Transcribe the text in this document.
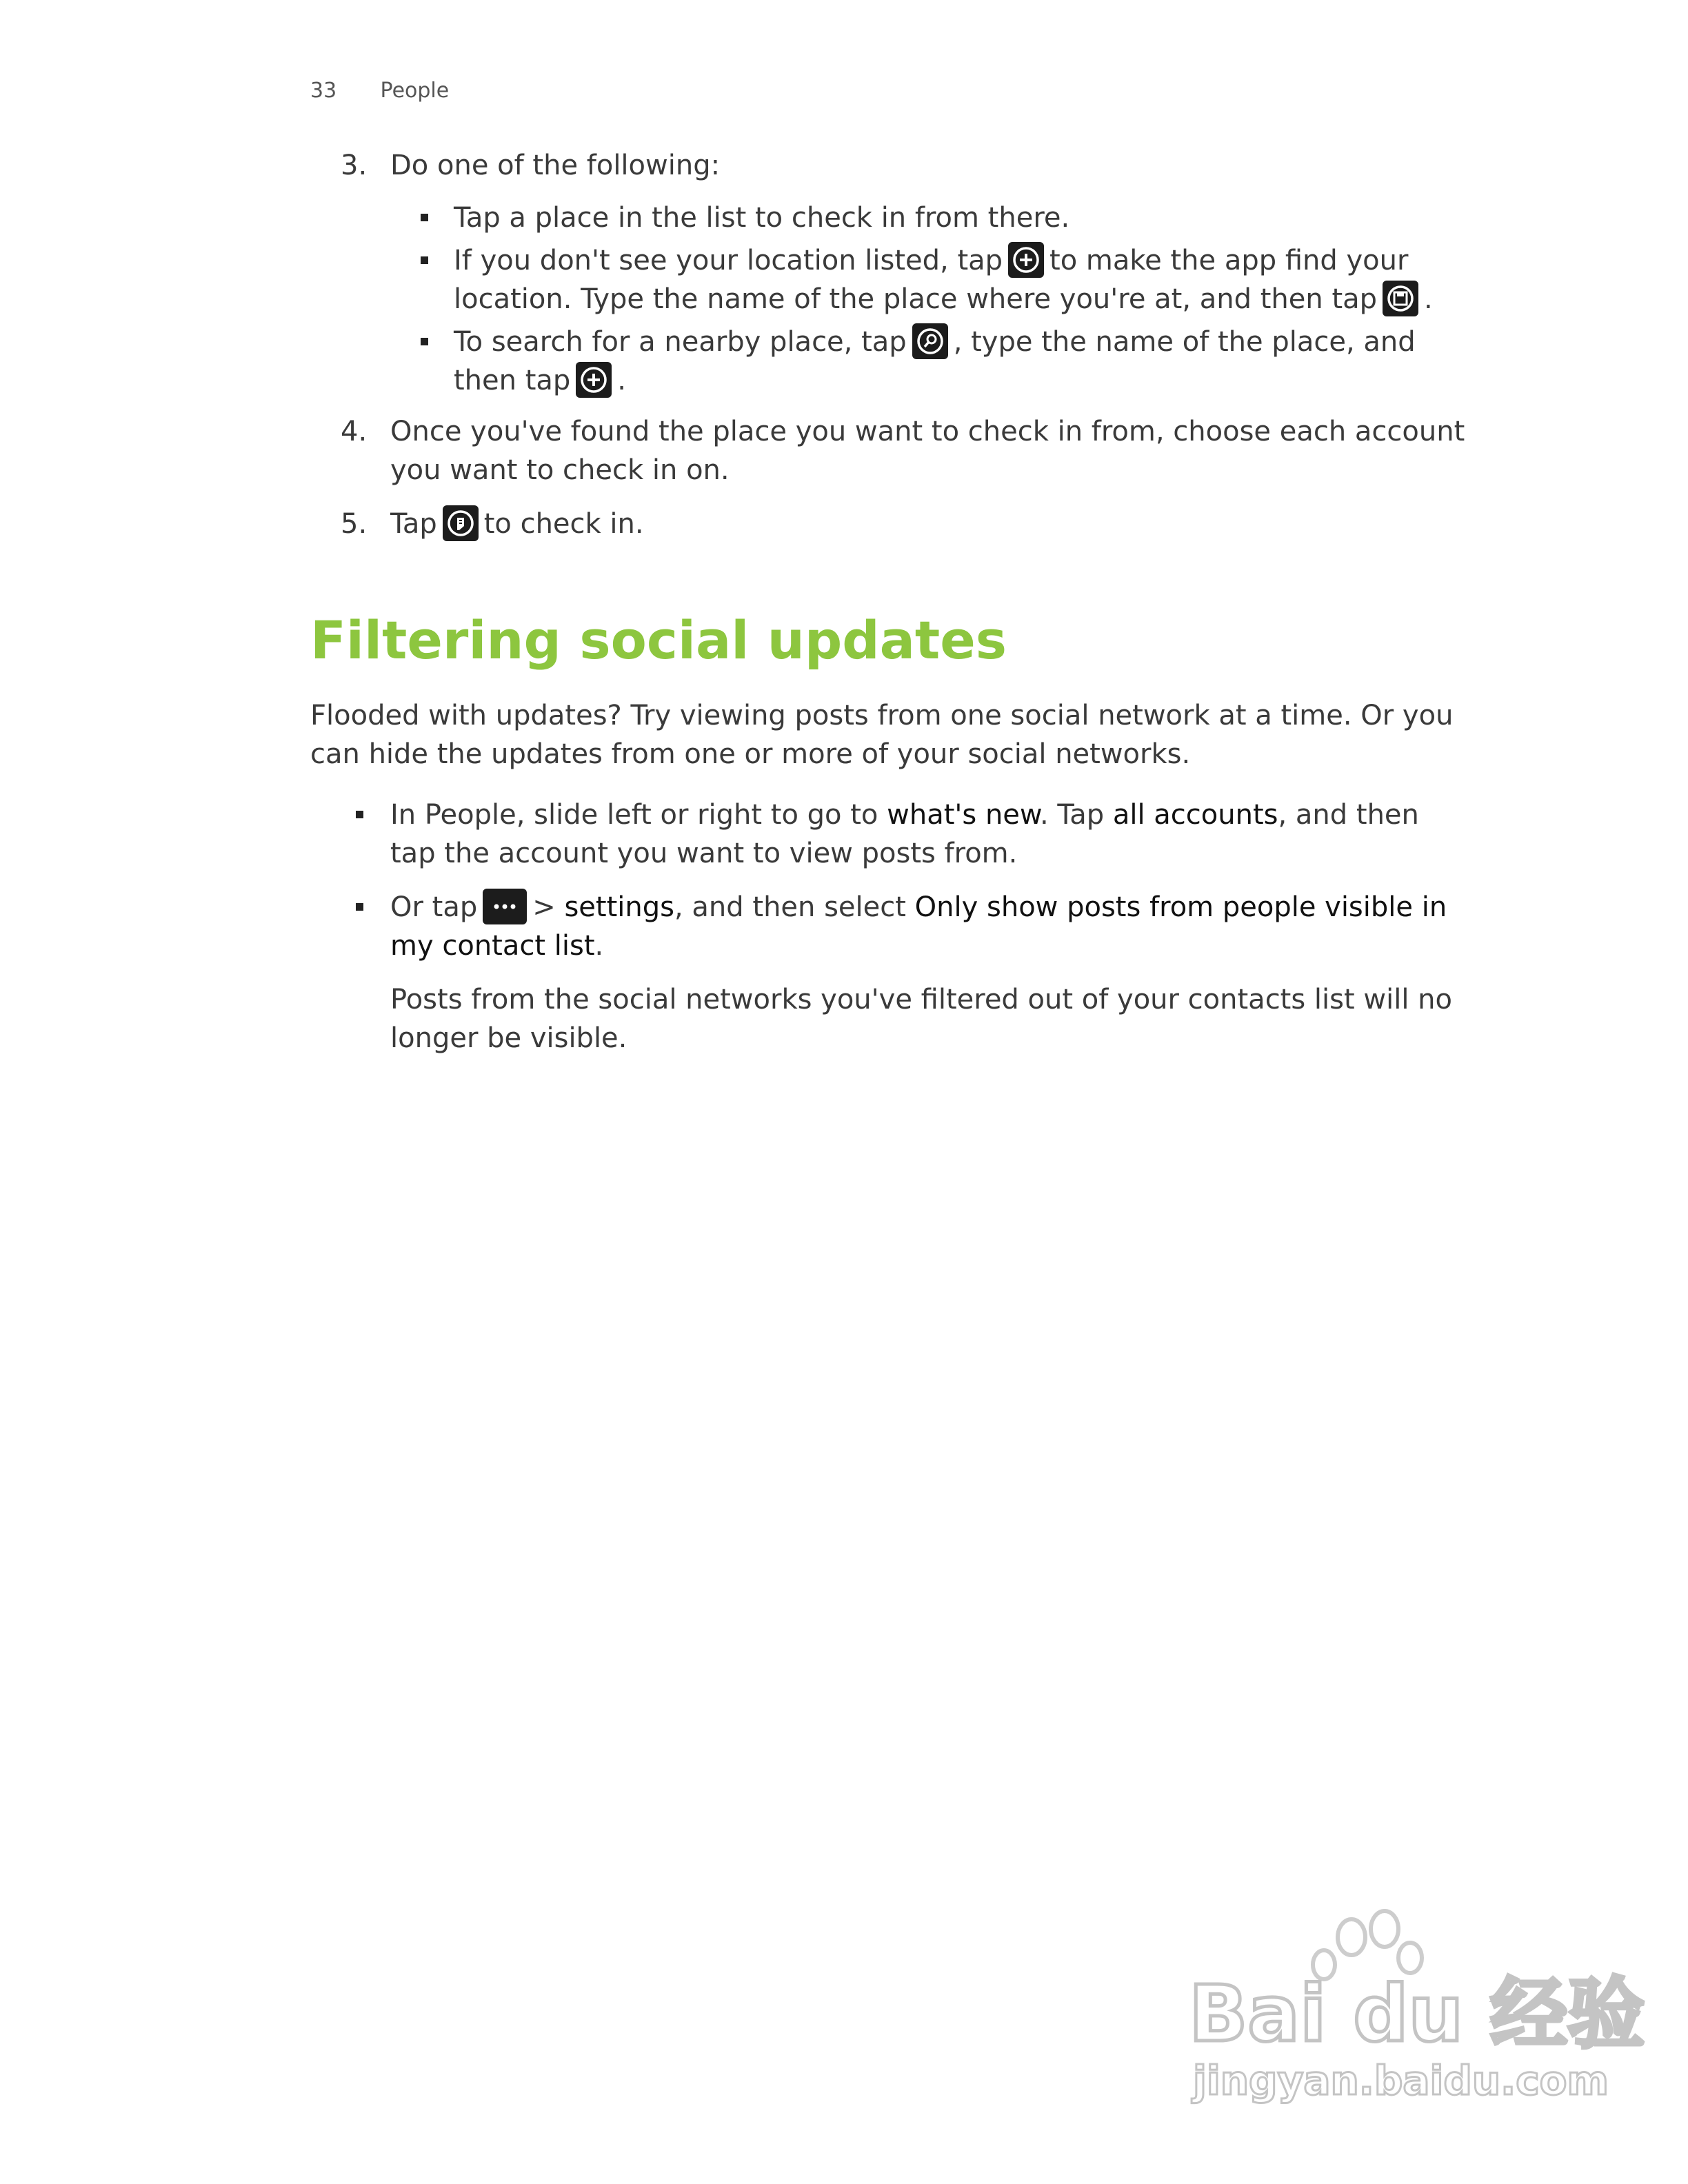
33 People
3. Do one of the following:
Tap a place in the list to check in from there.
If you don't see your location listed, tap to make the app find your location. Type the name of the place where you're at, and then tap .
To search for a nearby place, tap , type the name of the place, and then tap .
4. Once you've found the place you want to check in from, choose each account you want to check in on.
5. Tap to check in.
Filtering social updates
Flooded with updates? Try viewing posts from one social network at a time. Or you can hide the updates from one or more of your social networks.
In People, slide left or right to go to what's new. Tap all accounts, and then tap the account you want to view posts from.
Or tap > settings, and then select Only show posts from people visible in my contact list.
Posts from the social networks you've filtered out of your contacts list will no longer be visible.
Bai du 经验
jingyan.baidu.com
